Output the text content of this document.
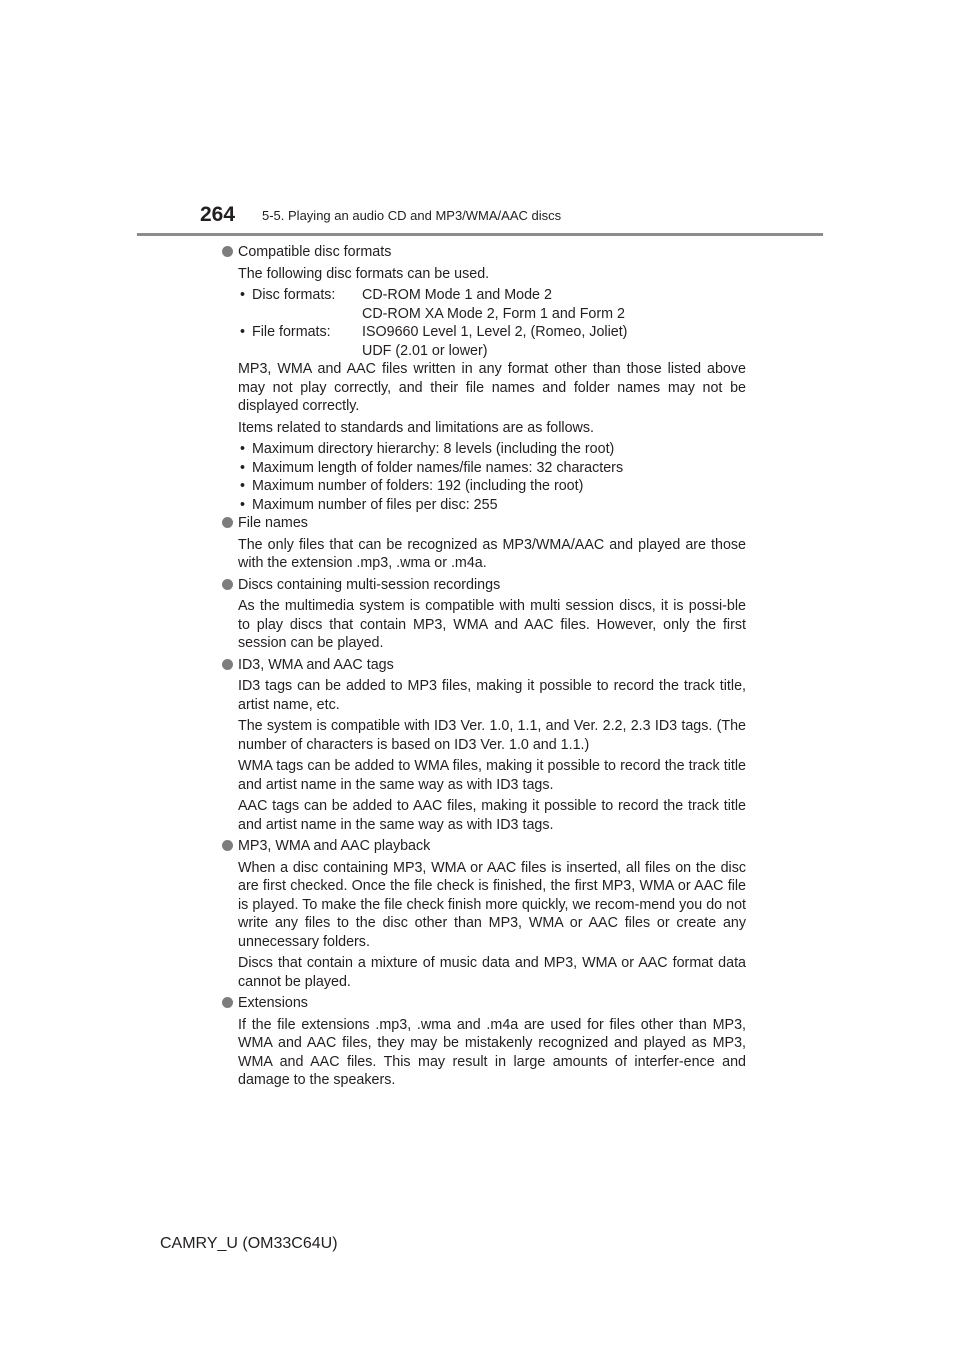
264 5-5. Playing an audio CD and MP3/WMA/AAC discs
Compatible disc formats
The following disc formats can be used.
• Disc formats: CD-ROM Mode 1 and Mode 2
CD-ROM XA Mode 2, Form 1 and Form 2
• File formats: ISO9660 Level 1, Level 2, (Romeo, Joliet)
UDF (2.01 or lower)
MP3, WMA and AAC files written in any format other than those listed above may not play correctly, and their file names and folder names may not be displayed correctly.
Items related to standards and limitations are as follows.
• Maximum directory hierarchy: 8 levels (including the root)
• Maximum length of folder names/file names: 32 characters
• Maximum number of folders: 192 (including the root)
• Maximum number of files per disc: 255
File names
The only files that can be recognized as MP3/WMA/AAC and played are those with the extension .mp3, .wma or .m4a.
Discs containing multi-session recordings
As the multimedia system is compatible with multi session discs, it is possi-ble to play discs that contain MP3, WMA and AAC files. However, only the first session can be played.
ID3, WMA and AAC tags
ID3 tags can be added to MP3 files, making it possible to record the track title, artist name, etc.
The system is compatible with ID3 Ver. 1.0, 1.1, and Ver. 2.2, 2.3 ID3 tags. (The number of characters is based on ID3 Ver. 1.0 and 1.1.)
WMA tags can be added to WMA files, making it possible to record the track title and artist name in the same way as with ID3 tags.
AAC tags can be added to AAC files, making it possible to record the track title and artist name in the same way as with ID3 tags.
MP3, WMA and AAC playback
When a disc containing MP3, WMA or AAC files is inserted, all files on the disc are first checked. Once the file check is finished, the first MP3, WMA or AAC file is played. To make the file check finish more quickly, we recom-mend you do not write any files to the disc other than MP3, WMA or AAC files or create any unnecessary folders.
Discs that contain a mixture of music data and MP3, WMA or AAC format data cannot be played.
Extensions
If the file extensions .mp3, .wma and .m4a are used for files other than MP3, WMA and AAC files, they may be mistakenly recognized and played as MP3, WMA and AAC files. This may result in large amounts of interfer-ence and damage to the speakers.
CAMRY_U (OM33C64U)
